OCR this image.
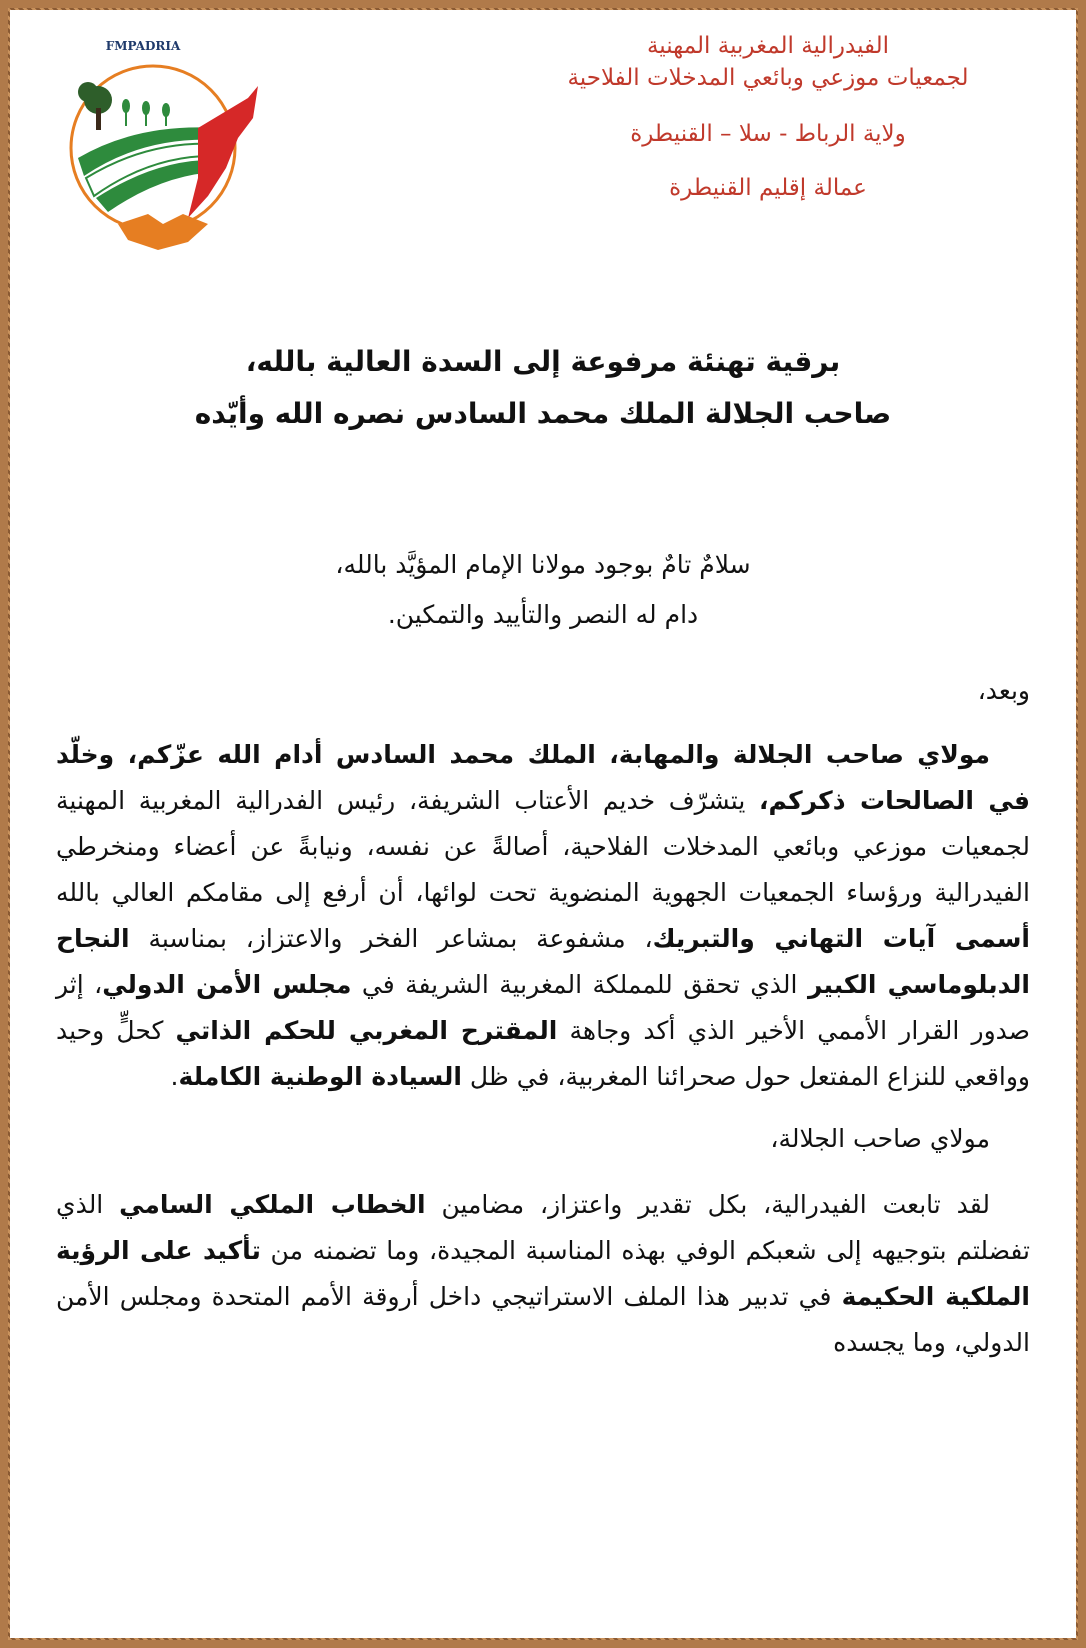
FMPADRIA	الفيدرالية المغربية المهنية
لجمعيات موزعي وبائعي المدخلات الفلاحية
ولاية الرباط - سلا – القنيطرة
عمالة إقليم القنيطرة
برقية تهنئة مرفوعة إلى السدة العالية بالله،
صاحب الجلالة الملك محمد السادس نصره الله وأيّده
سلامٌ تامٌ بوجود مولانا الإمام المؤيَّد بالله،
دام له النصر والتأييد والتمكين.

وبعد،

مولاي صاحب الجلالة والمهابة، الملك محمد السادس أدام الله عزّكم، وخلّد في الصالحات ذكركم، يتشرّف خديم الأعتاب الشريفة، رئيس الفدرالية المغربية المهنية لجمعيات موزعي وبائعي المدخلات الفلاحية، أصالةً عن نفسه، ونيابةً عن أعضاء ومنخرطي الفيدرالية ورؤساء الجمعيات الجهوية المنضوية تحت لوائها، أن أرفع إلى مقامكم العالي بالله أسمى آيات التهاني والتبريك، مشفوعة بمشاعر الفخر والاعتزاز، بمناسبة النجاح الدبلوماسي الكبير الذي تحقق للمملكة المغربية الشريفة في مجلس الأمن الدولي، إثر صدور القرار الأممي الأخير الذي أكد وجاهة المقترح المغربي للحكم الذاتي كحلٍّ وحيد وواقعي للنزاع المفتعل حول صحرائنا المغربية، في ظل السيادة الوطنية الكاملة.

مولاي صاحب الجلالة،

لقد تابعت الفيدرالية، بكل تقدير واعتزاز، مضامين الخطاب الملكي السامي الذي تفضلتم بتوجيهه إلى شعبكم الوفي بهذه المناسبة المجيدة، وما تضمنه من تأكيد على الرؤية الملكية الحكيمة في تدبير هذا الملف الاستراتيجي داخل أروقة الأمم المتحدة ومجلس الأمن الدولي، وما يجسده
